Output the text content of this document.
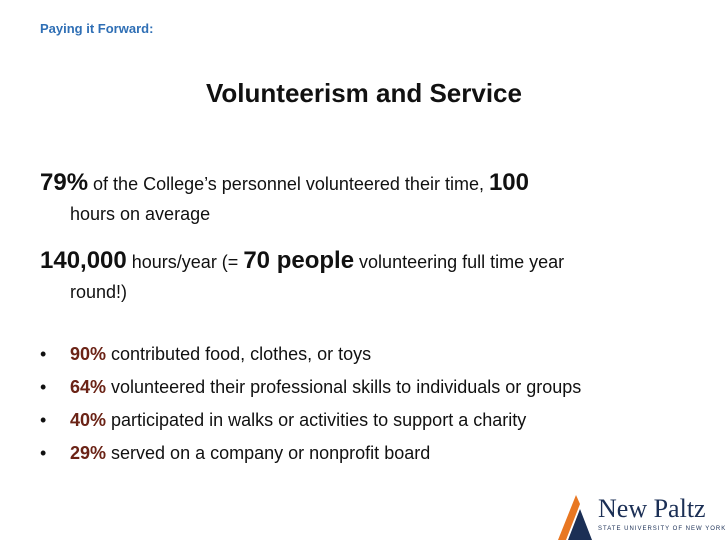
Paying it Forward:
Volunteerism and Service
79% of the College’s personnel volunteered their time, 100
hours on average
140,000 hours/year (= 70 people volunteering full time year
round!)
• 90% contributed food, clothes, or toys
• 64% volunteered their professional skills to individuals or groups
• 40% participated in walks or activities to support a charity
• 29% served on a company or nonprofit board
New Paltz
STATE UNIVERSITY OF NEW YORK
